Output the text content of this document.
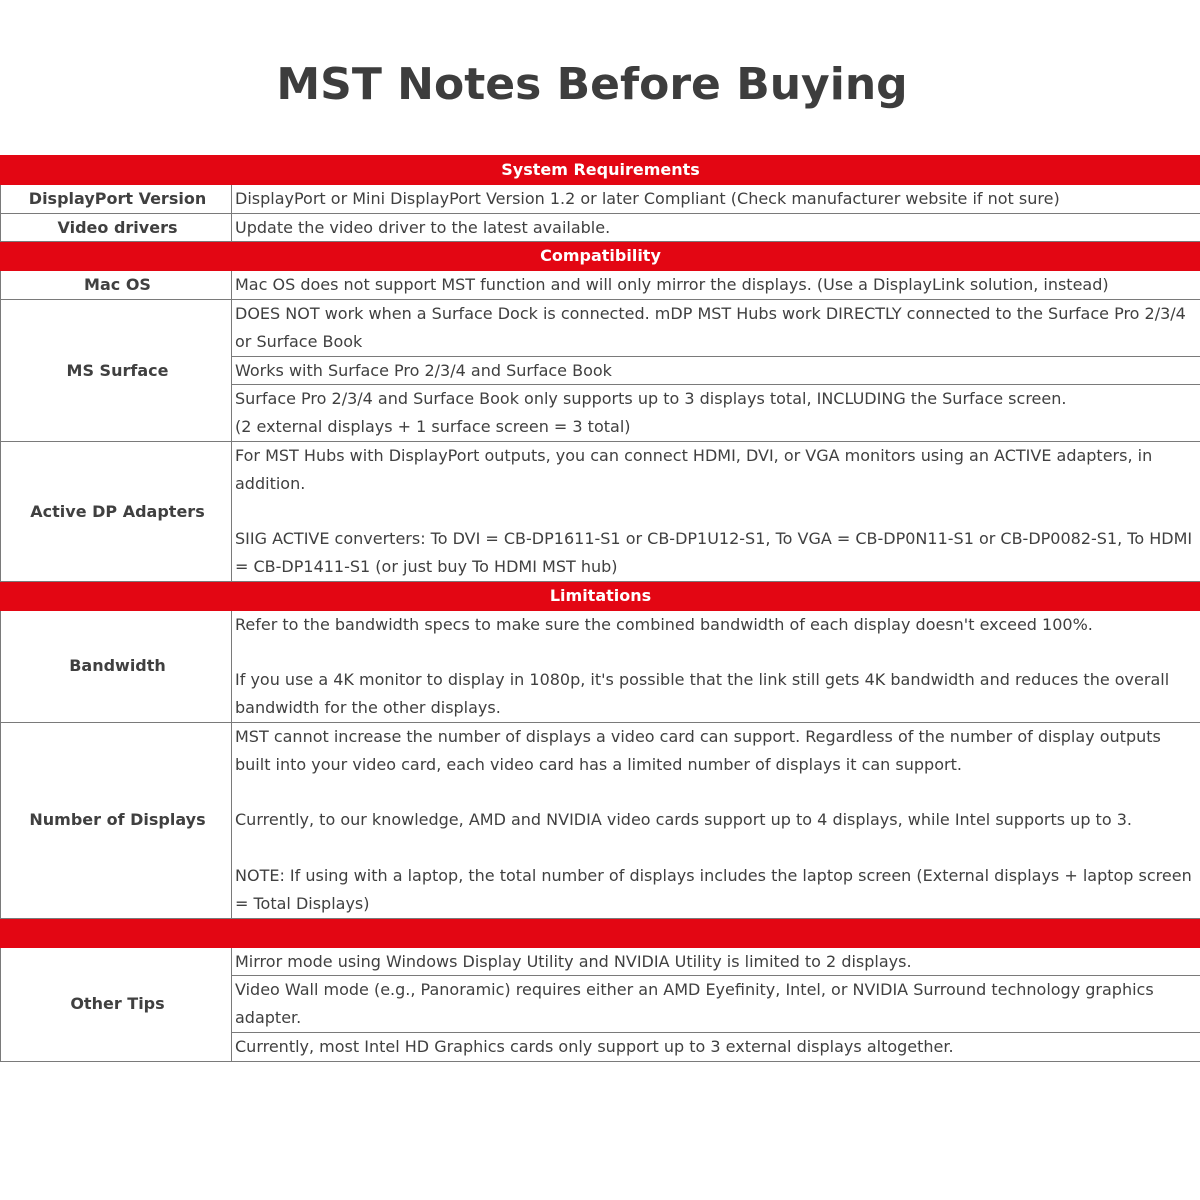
MST Notes Before Buying
System Requirements	
DisplayPort Version	DisplayPort or Mini DisplayPort Version 1.2 or later Compliant (Check manufacturer website if not sure)
Video drivers	Update the video driver to the latest available.
Compatibility	
Mac OS	Mac OS does not support MST function and will only mirror the displays. (Use a DisplayLink solution, instead)
MS Surface	DOES NOT work when a Surface Dock is connected. mDP MST Hubs work DIRECTLY connected to the Surface Pro 2/3/4 or Surface Book
	Works with Surface Pro 2/3/4 and Surface Book

	Surface Pro 2/3/4 and Surface Book only supports up to 3 displays total, INCLUDING the Surface screen.
(2 external displays + 1 surface screen = 3 total)

Active DP Adapters	For MST Hubs with DisplayPort outputs, you can connect HDMI, DVI, or VGA monitors using an ACTIVE adapters, in addition.
SIIG ACTIVE converters: To DVI = CB-DP1611-S1 or CB-DP1U12-S1, To VGA = CB-DP0N11-S1 or CB-DP0082-S1, To HDMI = CB-DP1411-S1 (or just buy To HDMI MST hub)

Limitations	
Bandwidth	Refer to the bandwidth specs to make sure the combined bandwidth of each display doesn't exceed 100%.
If you use a 4K monitor to display in 1080p, it's possible that the link still gets 4K bandwidth and reduces the overall bandwidth for the other displays.

Number of Displays	MST cannot increase the number of displays a video card can support. Regardless of the number of display outputs built into your video card, each video card has a limited number of displays it can support.
Currently, to our knowledge, AMD and NVIDIA video cards support up to 4 displays, while Intel supports up to 3.
NOTE: If using with a laptop, the total number of displays includes the laptop screen (External displays + laptop screen = Total Displays)

Other Tips	Mirror mode using Windows Display Utility and NVIDIA Utility is limited to 2 displays.
	Video Wall mode (e.g., Panoramic) requires either an AMD Eyefinity, Intel, or NVIDIA Surround technology graphics adapter.
	Currently, most Intel HD Graphics cards only support up to 3 external displays altogether.
